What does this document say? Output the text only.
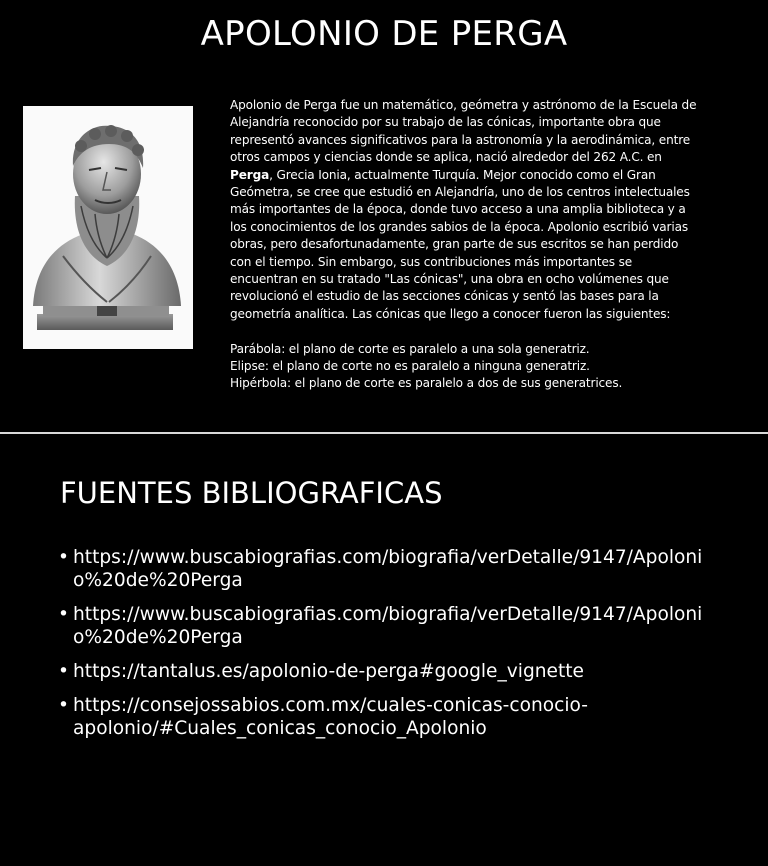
APOLONIO DE PERGA

Apolonio de Perga fue un matemático, geómetra y astrónomo de la Escuela de Alejandría reconocido por su trabajo de las cónicas, importante obra que representó avances significativos para la astronomía y la aerodinámica, entre otros campos y ciencias donde se aplica, nació alrededor del 262 A.C. en Perga, Grecia Ionia, actualmente Turquía. Mejor conocido como el Gran Geómetra, se cree que estudió en Alejandría, uno de los centros intelectuales más importantes de la época, donde tuvo acceso a una amplia biblioteca y a los conocimientos de los grandes sabios de la época. Apolonio escribió varias obras, pero desafortunadamente, gran parte de sus escritos se han perdido con el tiempo. Sin embargo, sus contribuciones más importantes se encuentran en su tratado "Las cónicas", una obra en ocho volúmenes que revolucionó el estudio de las secciones cónicas y sentó las bases para la geometría analítica. Las cónicas que llego a conocer fueron las siguientes:

Parábola: el plano de corte es paralelo a una sola generatriz.

Elipse: el plano de corte no es paralelo a ninguna generatriz.

Hipérbola: el plano de corte es paralelo a dos de sus generatrices.

FUENTES BIBLIOGRAFICAS
• https://www.buscabiografias.com/biografia/verDetalle/9147/Apolonio%20de%20Perga
• https://www.buscabiografias.com/biografia/verDetalle/9147/Apolonio%20de%20Perga
• https://tantalus.es/apolonio-de-perga#google_vignette
• https://consejossabios.com.mx/cuales-conicas-conocio-apolonio/#Cuales_conicas_conocio_Apolonio
